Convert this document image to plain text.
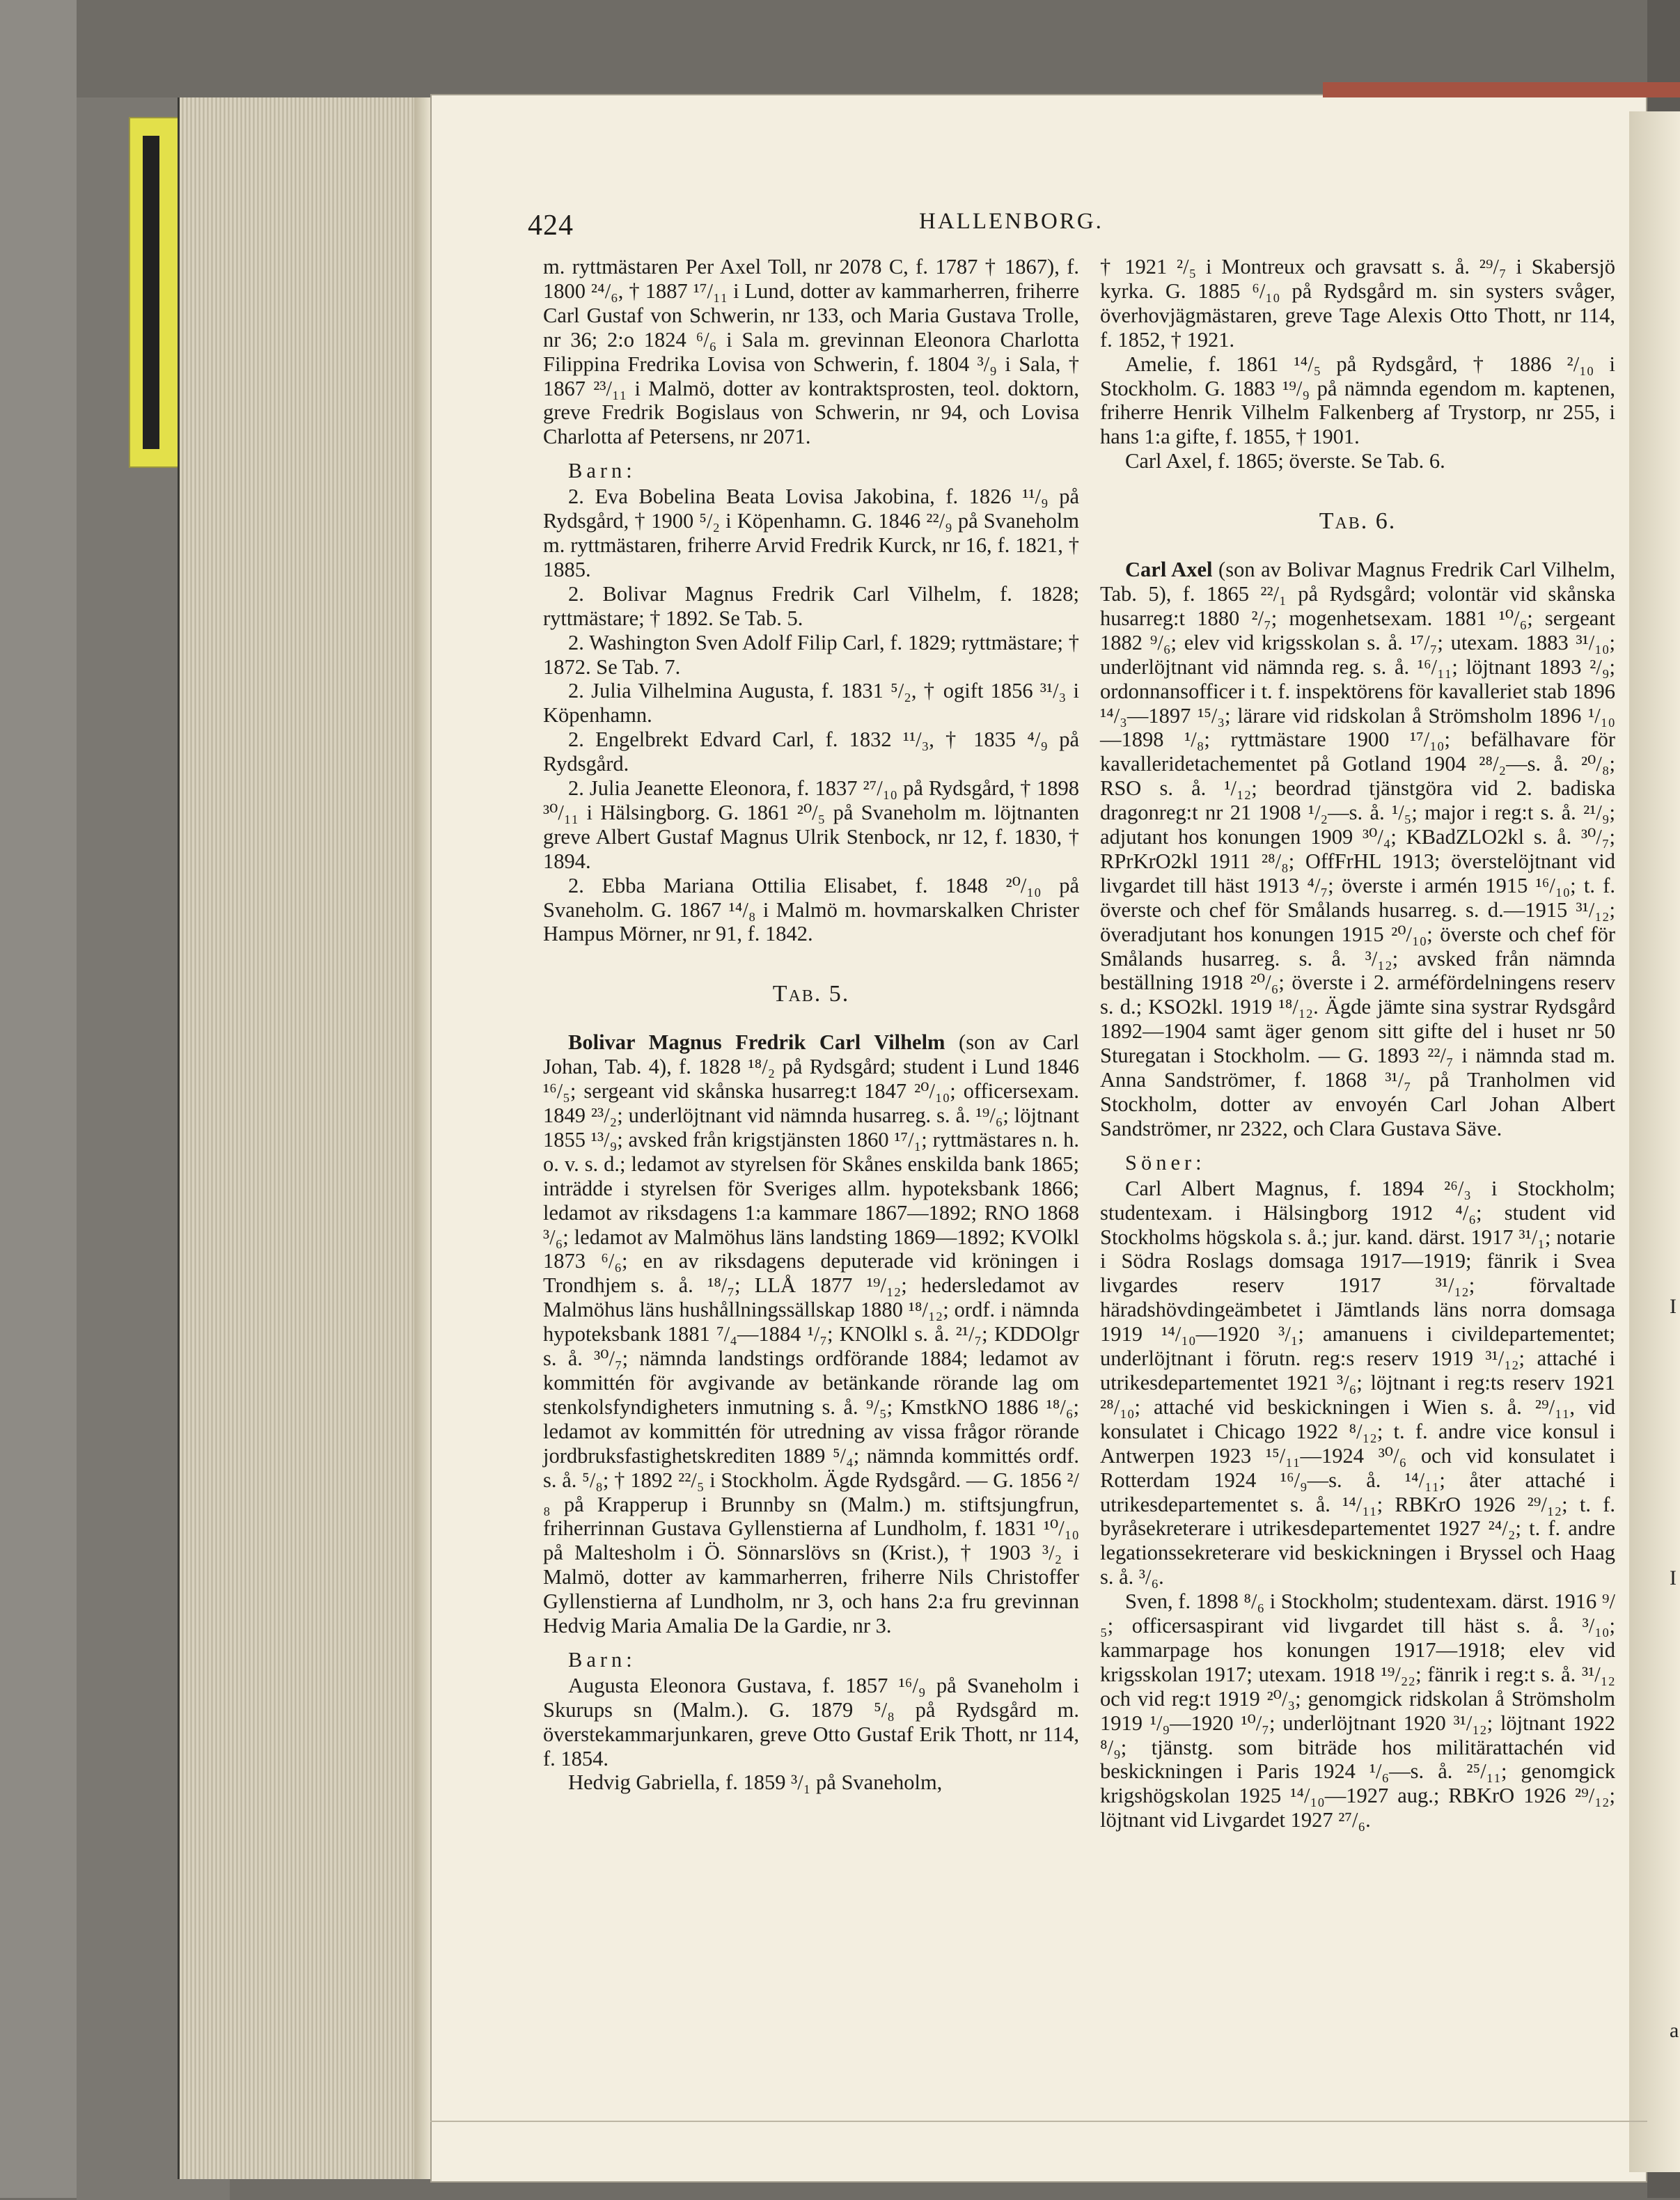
I
I
a
424	HALLENBORG.

m. ryttmästaren Per Axel Toll, nr 2078 C, f. 1787 † 1867), f. 1800 ²⁴/₆, † 1887 ¹⁷/₁₁ i Lund, dotter av kammarherren, friherre Carl Gustaf von Schwerin, nr 133, och Maria Gustava Trolle, nr 36; 2:o 1824 ⁶/₆ i Sala m. grevinnan Eleonora Charlotta Filippina Fredrika Lovisa von Schwerin, f. 1804 ³/₉ i Sala, † 1867 ²³/₁₁ i Malmö, dotter av kontraktsprosten, teol. doktorn, greve Fredrik Bogislaus von Schwerin, nr 94, och Lovisa Charlotta af Petersens, nr 2071.

Barn:

2. Eva Bobelina Beata Lovisa Jakobina, f. 1826 ¹¹/₉ på Rydsgård, † 1900 ⁵/₂ i Köpenhamn. G. 1846 ²²/₉ på Svaneholm m. ryttmästaren, friherre Arvid Fredrik Kurck, nr 16, f. 1821, † 1885.

2. Bolivar Magnus Fredrik Carl Vilhelm, f. 1828; ryttmästare; † 1892. Se Tab. 5.

2. Washington Sven Adolf Filip Carl, f. 1829; ryttmästare; † 1872. Se Tab. 7.

2. Julia Vilhelmina Augusta, f. 1831 ⁵/₂, † ogift 1856 ³¹/₃ i Köpenhamn.

2. Engelbrekt Edvard Carl, f. 1832 ¹¹/₃, † 1835 ⁴/₉ på Rydsgård.

2. Julia Jeanette Eleonora, f. 1837 ²⁷/₁₀ på Rydsgård, † 1898 ³⁰/₁₁ i Hälsingborg. G. 1861 ²⁰/₅ på Svaneholm m. löjtnanten greve Albert Gustaf Magnus Ulrik Stenbock, nr 12, f. 1830, † 1894.

2. Ebba Mariana Ottilia Elisabet, f. 1848 ²⁰/₁₀ på Svaneholm. G. 1867 ¹⁴/₈ i Malmö m. hovmarskalken Christer Hampus Mörner, nr 91, f. 1842.

Tab. 5.

Bolivar Magnus Fredrik Carl Vilhelm (son av Carl Johan, Tab. 4), f. 1828 ¹⁸/₂ på Rydsgård; student i Lund 1846 ¹⁶/₅; sergeant vid skånska husarreg:t 1847 ²⁰/₁₀; officersexam. 1849 ²³/₂; underlöjtnant vid nämnda husarreg. s. å. ¹⁹/₆; löjtnant 1855 ¹³/₉; avsked från krigstjänsten 1860 ¹⁷/₁; ryttmästares n. h. o. v. s. d.; ledamot av styrelsen för Skånes enskilda bank 1865; inträdde i styrelsen för Sveriges allm. hypoteksbank 1866; ledamot av riksdagens 1:a kammare 1867—1892; RNO 1868 ³/₆; ledamot av Malmöhus läns landsting 1869—1892; KVOlkl 1873 ⁶/₆; en av riksdagens deputerade vid kröningen i Trondhjem s. å. ¹⁸/₇; LLÅ 1877 ¹⁹/₁₂; hedersledamot av Malmöhus läns hushållningssällskap 1880 ¹⁸/₁₂; ordf. i nämnda hypoteksbank 1881 ⁷/₄—1884 ¹/₇; KNOlkl s. å. ²¹/₇; KDDOlgr s. å. ³⁰/₇; nämnda landstings ordförande 1884; ledamot av kommittén för avgivande av betänkande rörande lag om stenkolsfyndigheters inmutning s. å. ⁹/₅; KmstkNO 1886 ¹⁸/₆; ledamot av kommittén för utredning av vissa frågor rörande jordbruksfastighetskrediten 1889 ⁵/₄; nämnda kommittés ordf. s. å. ⁵/₈; † 1892 ²²/₅ i Stockholm. Ägde Rydsgård. — G. 1856 ²/₈ på Krapperup i Brunnby sn (Malm.) m. stiftsjungfrun, friherrinnan Gustava Gyllenstierna af Lundholm, f. 1831 ¹⁰/₁₀ på Maltesholm i Ö. Sönnarslövs sn (Krist.), † 1903 ³/₂ i Malmö, dotter av kammarherren, friherre Nils Christoffer Gyllenstierna af Lundholm, nr 3, och hans 2:a fru grevinnan Hedvig Maria Amalia De la Gardie, nr 3.

Barn:

Augusta Eleonora Gustava, f. 1857 ¹⁶/₉ på Svaneholm i Skurups sn (Malm.). G. 1879 ⁵/₈ på Rydsgård m. överstekammarjunkaren, greve Otto Gustaf Erik Thott, nr 114, f. 1854.

Hedvig Gabriella, f. 1859 ³/₁ på Svaneholm,

† 1921 ²/₅ i Montreux och gravsatt s. å. ²⁹/₇ i Skabersjö kyrka. G. 1885 ⁶/₁₀ på Rydsgård m. sin systers svåger, överhovjägmästaren, greve Tage Alexis Otto Thott, nr 114, f. 1852, † 1921.

Amelie, f. 1861 ¹⁴/₅ på Rydsgård, † 1886 ²/₁₀ i Stockholm. G. 1883 ¹⁹/₉ på nämnda egendom m. kaptenen, friherre Henrik Vilhelm Falkenberg af Trystorp, nr 255, i hans 1:a gifte, f. 1855, † 1901.

Carl Axel, f. 1865; överste. Se Tab. 6.

Tab. 6.

Carl Axel (son av Bolivar Magnus Fredrik Carl Vilhelm, Tab. 5), f. 1865 ²²/₁ på Rydsgård; volontär vid skånska husarreg:t 1880 ²/₇; mogenhetsexam. 1881 ¹⁰/₆; sergeant 1882 ⁹/₆; elev vid krigsskolan s. å. ¹⁷/₇; utexam. 1883 ³¹/₁₀; underlöjtnant vid nämnda reg. s. å. ¹⁶/₁₁; löjtnant 1893 ²/₉; ordonnansofficer i t. f. inspektörens för kavalleriet stab 1896 ¹⁴/₃—1897 ¹⁵/₃; lärare vid ridskolan å Strömsholm 1896 ¹/₁₀—1898 ¹/₈; ryttmästare 1900 ¹⁷/₁₀; befälhavare för kavalleridetachementet på Gotland 1904 ²⁸/₂—s. å. ²⁰/₈; RSO s. å. ¹/₁₂; beordrad tjänstgöra vid 2. badiska dragonreg:t nr 21 1908 ¹/₂—s. å. ¹/₅; major i reg:t s. å. ²¹/₉; adjutant hos konungen 1909 ³⁰/₄; KBadZLO2kl s. å. ³⁰/₇; RPrKrO2kl 1911 ²⁸/₈; OffFrHL 1913; överstelöjtnant vid livgardet till häst 1913 ⁴/₇; överste i armén 1915 ¹⁶/₁₀; t. f. överste och chef för Smålands husarreg. s. d.—1915 ³¹/₁₂; överadjutant hos konungen 1915 ²⁰/₁₀; överste och chef för Smålands husarreg. s. å. ³/₁₂; avsked från nämnda beställning 1918 ²⁰/₆; överste i 2. arméfördelningens reserv s. d.; KSO2kl. 1919 ¹⁸/₁₂. Ägde jämte sina systrar Rydsgård 1892—1904 samt äger genom sitt gifte del i huset nr 50 Sturegatan i Stockholm. — G. 1893 ²²/₇ i nämnda stad m. Anna Sandströmer, f. 1868 ³¹/₇ på Tranholmen vid Stockholm, dotter av envoyén Carl Johan Albert Sandströmer, nr 2322, och Clara Gustava Säve.

Söner:

Carl Albert Magnus, f. 1894 ²⁶/₃ i Stockholm; studentexam. i Hälsingborg 1912 ⁴/₆; student vid Stockholms högskola s. å.; jur. kand. därst. 1917 ³¹/₁; notarie i Södra Roslags domsaga 1917—1919; fänrik i Svea livgardes reserv 1917 ³¹/₁₂; förvaltade häradshövdingeämbetet i Jämtlands läns norra domsaga 1919 ¹⁴/₁₀—1920 ³/₁; amanuens i civildepartementet; underlöjtnant i förutn. reg:s reserv 1919 ³¹/₁₂; attaché i utrikesdepartementet 1921 ³/₆; löjtnant i reg:ts reserv 1921 ²⁸/₁₀; attaché vid beskickningen i Wien s. å. ²⁹/₁₁, vid konsulatet i Chicago 1922 ⁸/₁₂; t. f. andre vice konsul i Antwerpen 1923 ¹⁵/₁₁—1924 ³⁰/₆ och vid konsulatet i Rotterdam 1924 ¹⁶/₉—s. å. ¹⁴/₁₁; åter attaché i utrikesdepartementet s. å. ¹⁴/₁₁; RBKrO 1926 ²⁹/₁₂; t. f. byråsekreterare i utrikesdepartementet 1927 ²⁴/₂; t. f. andre legationssekreterare vid beskickningen i Bryssel och Haag s. å. ³/₆.

Sven, f. 1898 ⁸/₆ i Stockholm; studentexam. därst. 1916 ⁹/₅; officersaspirant vid livgardet till häst s. å. ³/₁₀; kammarpage hos konungen 1917—1918; elev vid krigsskolan 1917; utexam. 1918 ¹⁹/₂₂; fänrik i reg:t s. å. ³¹/₁₂ och vid reg:t 1919 ²⁰/₃; genomgick ridskolan å Strömsholm 1919 ¹/₉—1920 ¹⁰/₇; underlöjtnant 1920 ³¹/₁₂; löjtnant 1922 ⁸/₉; tjänstg. som biträde hos militärattachén vid beskickningen i Paris 1924 ¹/₆—s. å. ²⁵/₁₁; genomgick krigshögskolan 1925 ¹⁴/₁₀—1927 aug.; RBKrO 1926 ²⁹/₁₂; löjtnant vid Livgardet 1927 ²⁷/₆.
